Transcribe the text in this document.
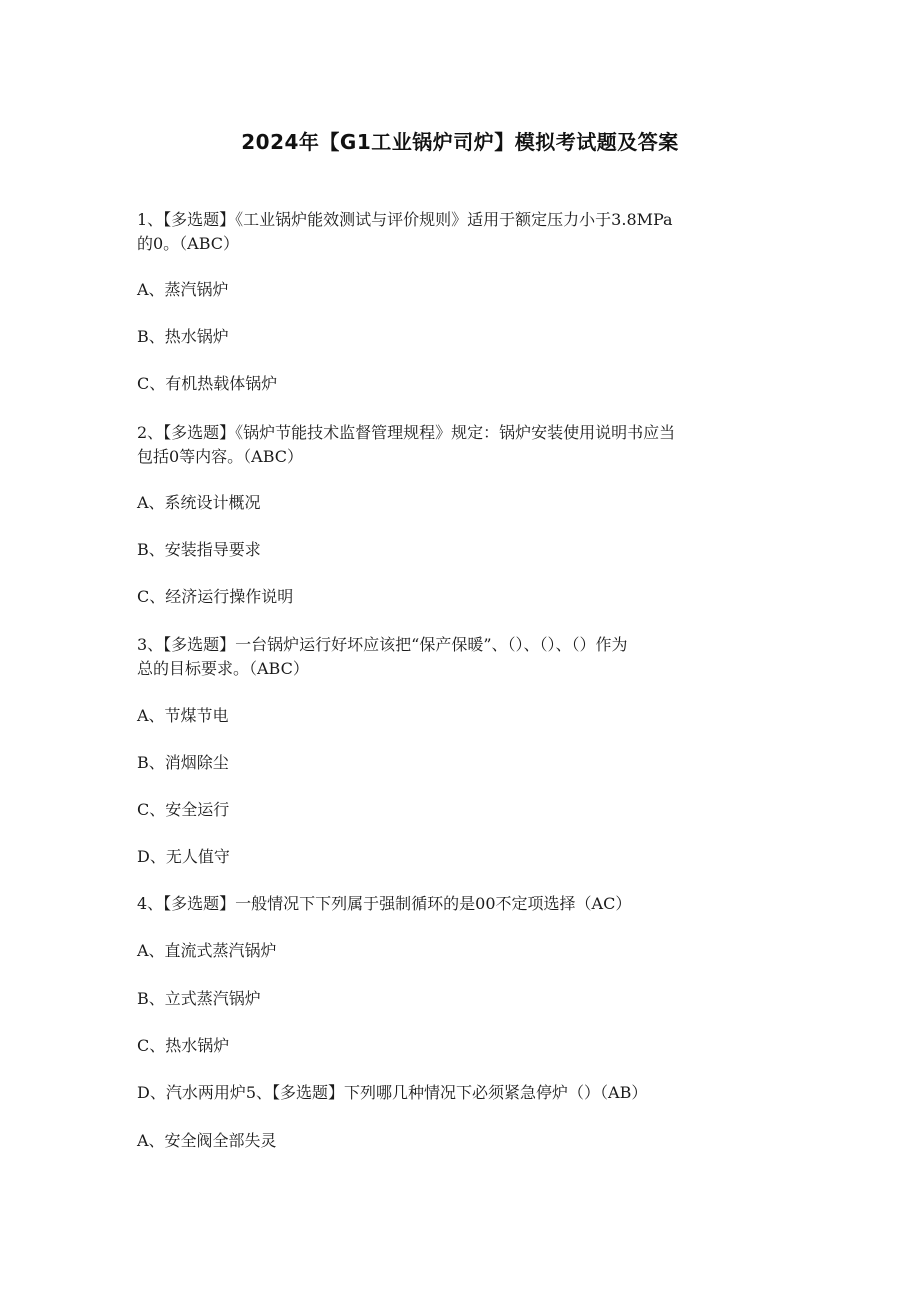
2024年【G1工业锅炉司炉】模拟考试题及答案
1、【多选题】《工业锅炉能效测试与评价规则》适用于额定压力小于3.8MPa
的0。（ABC）
A、蒸汽锅炉
B、热水锅炉
C、有机热载体锅炉
2、【多选题】《锅炉节能技术监督管理规程》规定：锅炉安装使用说明书应当
包括0等内容。（ABC）
A、系统设计概况
B、安装指导要求
C、经济运行操作说明
3、【多选题】一台锅炉运行好坏应该把“保产保暖”、（）、（）、（）作为
总的目标要求。（ABC）
A、节煤节电
B、消烟除尘
C、安全运行
D、无人值守
4、【多选题】一般情况下下列属于强制循环的是00不定项选择（AC）
A、直流式蒸汽锅炉
B、立式蒸汽锅炉
C、热水锅炉
D、汽水两用炉5、【多选题】下列哪几种情况下必须紧急停炉（）（AB）
A、安全阀全部失灵
